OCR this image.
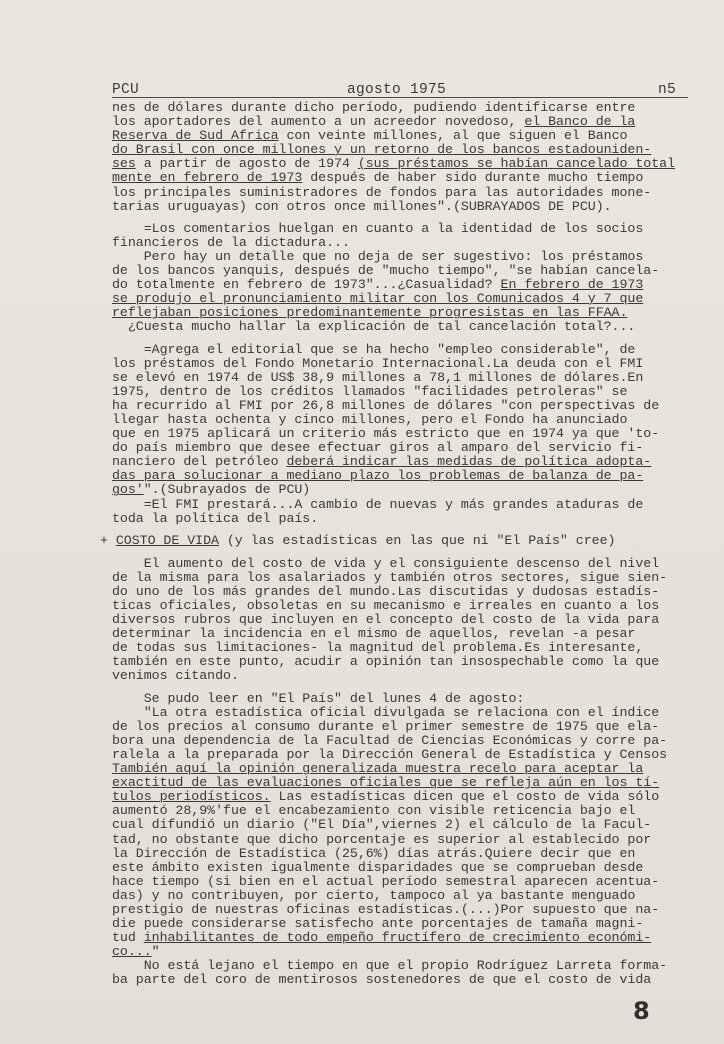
PCU	agosto 1975	n5
nes de dólares durante dicho período, pudiendo identificarse entre
los aportadores del aumento a un acreedor novedoso, el Banco de la
Reserva de Sud Africa con veinte millones, al que siguen el Banco
do Brasil con once millones y un retorno de los bancos estadouniden-
ses a partir de agosto de 1974 (sus préstamos se habían cancelado total
mente en febrero de 1973 después de haber sido durante mucho tiempo
los principales suministradores de fondos para las autoridades mone-
tarias uruguayas) con otros once millones".(SUBRAYADOS DE PCU).
=Los comentarios huelgan en cuanto a la identidad de los socios
financieros de la dictadura...
Pero hay un detalle que no deja de ser sugestivo: los préstamos
de los bancos yanquis, después de "mucho tiempo", "se habían cancela-
do totalmente en febrero de 1973"...¿Casualidad? En febrero de 1973
se produjo el pronunciamiento militar con los Comunicados 4 y 7 que
reflejaban posiciones predominantemente progresistas en las FFAA.
¿Cuesta mucho hallar la explicación de tal cancelación total?...
=Agrega el editorial que se ha hecho "empleo considerable", de
los préstamos del Fondo Monetario Internacional.La deuda con el FMI
se elevó en 1974 de US$ 38,9 millones a 78,1 millones de dólares.En
1975, dentro de los créditos llamados "facilidades petroleras" se
ha recurrido al FMI por 26,8 millones de dólares "con perspectivas de
llegar hasta ochenta y cinco millones, pero el Fondo ha anunciado
que en 1975 aplicará un criterio más estricto que en 1974 ya que 'to-
do país miembro que desee efectuar giros al amparo del servicio fi-
nanciero del petróleo deberá indicar las medidas de política adopta-
das para solucionar a mediano plazo los problemas de balanza de pa-
gos'".(Subrayados de PCU)
=El FMI prestará...A cambio de nuevas y más grandes ataduras de
toda la política del país.
+ COSTO DE VIDA (y las estadísticas en las que ni "El País" cree)
El aumento del costo de vida y el consiguiente descenso del nivel
de la misma para los asalariados y también otros sectores, sigue sien-
do uno de los más grandes del mundo.Las discutidas y dudosas estadís-
ticas oficiales, obsoletas en su mecanismo e irreales en cuanto a los
diversos rubros que incluyen en el concepto del costo de la vida para
determinar la incidencia en el mismo de aquellos, revelan -a pesar
de todas sus limitaciones- la magnitud del problema.Es interesante,
también en este punto, acudir a opinión tan insospechable como la que
venimos citando.
Se pudo leer en "El País" del lunes 4 de agosto:
"La otra estadística oficial divulgada se relaciona con el índice
de los precios al consumo durante el primer semestre de 1975 que ela-
bora una dependencia de la Facultad de Ciencias Económicas y corre pa-
ralela a la preparada por la Dirección General de Estadística y Censos
También aquí la opinión generalizada muestra recelo para aceptar la
exactitud de las evaluaciones oficiales que se refleja aún en los tí-
tulos periodísticos. Las estadísticas dicen que el costo de vida sólo
aumentó 28,9%'fue el encabezamiento con visible reticencia bajo el
cual difundió un diario ("El Día",viernes 2) el cálculo de la Facul-
tad, no obstante que dicho porcentaje es superior al establecido por
la Dirección de Estadística (25,6%) días atrás.Quiere decir que en
este ámbito existen igualmente disparidades que se comprueban desde
hace tiempo (si bien en el actual período semestral aparecen acentua-
das) y no contribuyen, por cierto, tampoco al ya bastante menguado
prestigio de nuestras oficinas estadísticas.(...)Por supuesto que na-
die puede considerarse satisfecho ante porcentajes de tamaña magni-
tud inhabilitantes de todo empeño fructífero de crecimiento económi-
co..."
No está lejano el tiempo en que el propio Rodríguez Larreta forma-
ba parte del coro de mentirosos sostenedores de que el costo de vida
8
